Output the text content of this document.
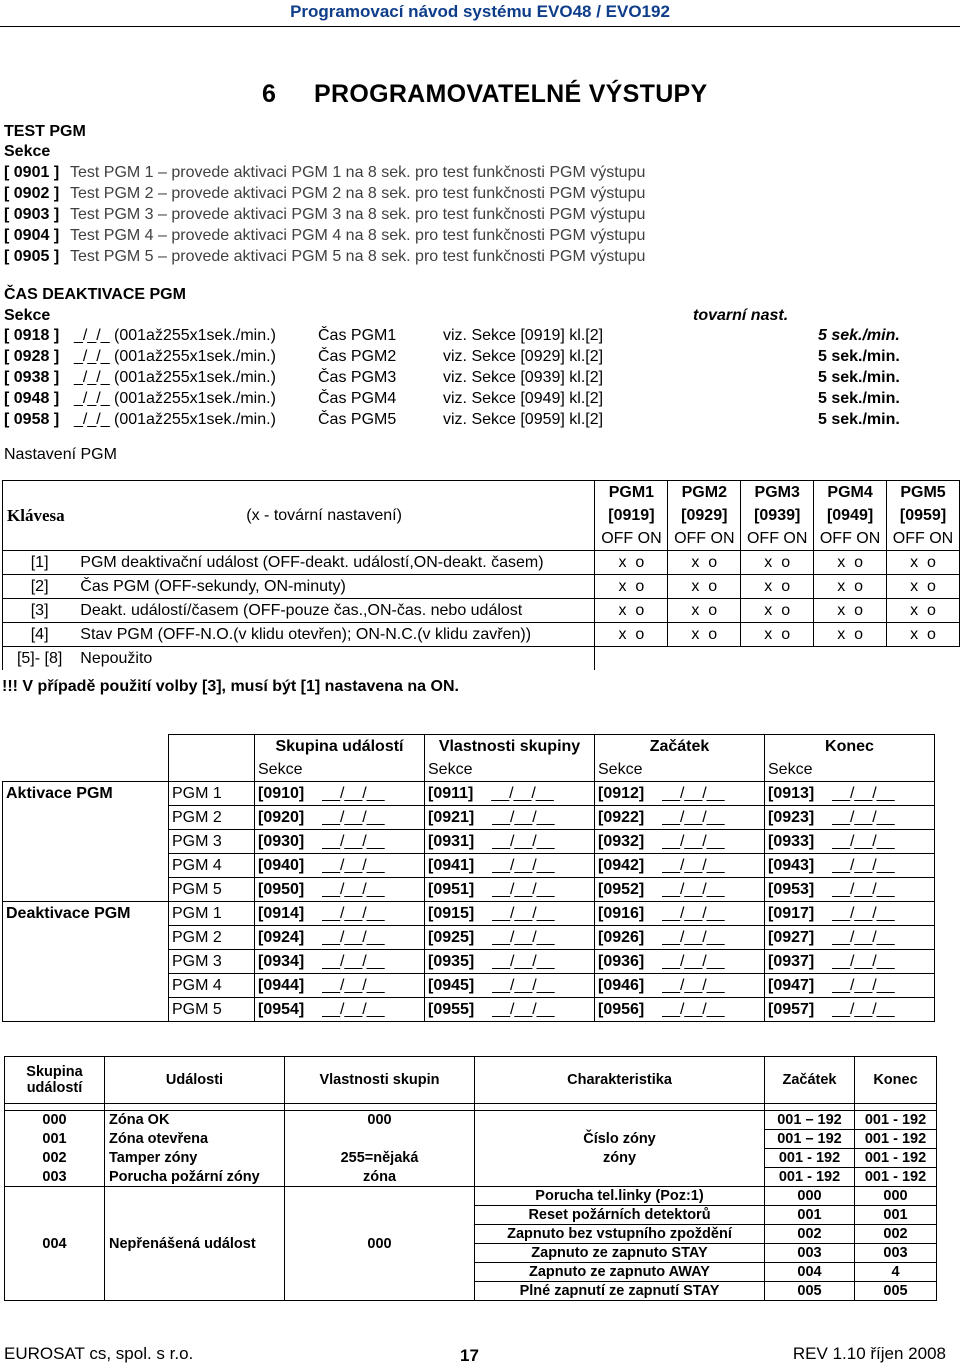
Programovací návod systému EVO48 / EVO192
6 PROGRAMOVATELNÉ VÝSTUPY
TEST PGM
Sekce
[ 0901 ] Test PGM 1 – provede aktivaci PGM 1 na 8 sek. pro test funkčnosti PGM výstupu
[ 0902 ] Test PGM 2 – provede aktivaci PGM 2 na 8 sek. pro test funkčnosti PGM výstupu
[ 0903 ] Test PGM 3 – provede aktivaci PGM 3 na 8 sek. pro test funkčnosti PGM výstupu
[ 0904 ] Test PGM 4 – provede aktivaci PGM 4 na 8 sek. pro test funkčnosti PGM výstupu
[ 0905 ] Test PGM 5 – provede aktivaci PGM 5 na 8 sek. pro test funkčnosti PGM výstupu
ČAS DEAKTIVACE PGM
Sekce	tovarní nast.
[ 0918 ] _/_/_ (001až255x1sek./min.)	Čas PGM1	viz. Sekce [0919] kl.[2]	5 sek./min.
[ 0928 ] _/_/_ (001až255x1sek./min.)	Čas PGM2	viz. Sekce [0929] kl.[2]	5 sek./min.
[ 0938 ] _/_/_ (001až255x1sek./min.)	Čas PGM3	viz. Sekce [0939] kl.[2]	5 sek./min.
[ 0948 ] _/_/_ (001až255x1sek./min.)	Čas PGM4	viz. Sekce [0949] kl.[2]	5 sek./min.
[ 0958 ] _/_/_ (001až255x1sek./min.)	Čas PGM5	viz. Sekce [0959] kl.[2]	5 sek./min.
Nastavení PGM
		PGM1	PGM2	PGM3	PGM4	PGM5
Klávesa	(x - tovární nastavení)	[0919]	[0929]	[0939]	[0949]	[0959]
		OFF ON	OFF ON	OFF ON	OFF ON	OFF ON
[1]	PGM deaktivační událost (OFF-deakt. událostí,ON-deakt. časem)	x  o	x  o	x  o	x  o	x  o
[2]	Čas PGM (OFF-sekundy, ON-minuty)	x  o	x  o	x  o	x  o	x  o
[3]	Deakt. událostí/časem (OFF-pouze čas.,ON-čas. nebo událost	x  o	x  o	x  o	x  o	x  o
[4]	Stav PGM (OFF-N.O.(v klidu otevřen); ON-N.C.(v klidu zavřen))	x  o	x  o	x  o	x  o	x  o
[5]- [8]	Nepoužito					
!!! V případě použití volby [3], musí být [1] nastavena na ON.
		Skupina událostí	Vlastnosti skupiny	Začátek	Konec
		Sekce	Sekce	Sekce	Sekce
Aktivace PGM	PGM 1	[0910] __/__/__	[0911] __/__/__	[0912] __/__/__	[0913] __/__/__
	PGM 2	[0920] __/__/__	[0921] __/__/__	[0922] __/__/__	[0923] __/__/__
	PGM 3	[0930] __/__/__	[0931] __/__/__	[0932] __/__/__	[0933] __/__/__
	PGM 4	[0940] __/__/__	[0941] __/__/__	[0942] __/__/__	[0943] __/__/__
	PGM 5	[0950] __/__/__	[0951] __/__/__	[0952] __/__/__	[0953] __/__/__
Deaktivace PGM	PGM 1	[0914] __/__/__	[0915] __/__/__	[0916] __/__/__	[0917] __/__/__
	PGM 2	[0924] __/__/__	[0925] __/__/__	[0926] __/__/__	[0927] __/__/__
	PGM 3	[0934] __/__/__	[0935] __/__/__	[0936] __/__/__	[0937] __/__/__
	PGM 4	[0944] __/__/__	[0945] __/__/__	[0946] __/__/__	[0947] __/__/__
	PGM 5	[0954] __/__/__	[0955] __/__/__	[0956] __/__/__	[0957] __/__/__
Skupina událostí	Události	Vlastnosti skupin	Charakteristika	Začátek	Konec

000	Zóna OK	000		001 – 192	001 - 192
001	Zóna otevřena		Číslo zóny	001 – 192	001 - 192
002	Tamper zóny	255=nějaká	zóny	001 - 192	001 - 192
003	Porucha požární zóny	zóna		001 - 192	001 - 192
004	Nepřenášená událost	000	Porucha tel.linky (Poz:1)	000	000
			Reset požárních detektorů	001	001
			Zapnuto bez vstupního zpoždění	002	002
			Zapnuto ze zapnuto STAY	003	003
			Zapnuto ze zapnuto AWAY	004	4
			Plné zapnutí ze zapnutí STAY	005	005
EUROSAT cs, spol. s r.o.	17	REV 1.10 říjen 2008
